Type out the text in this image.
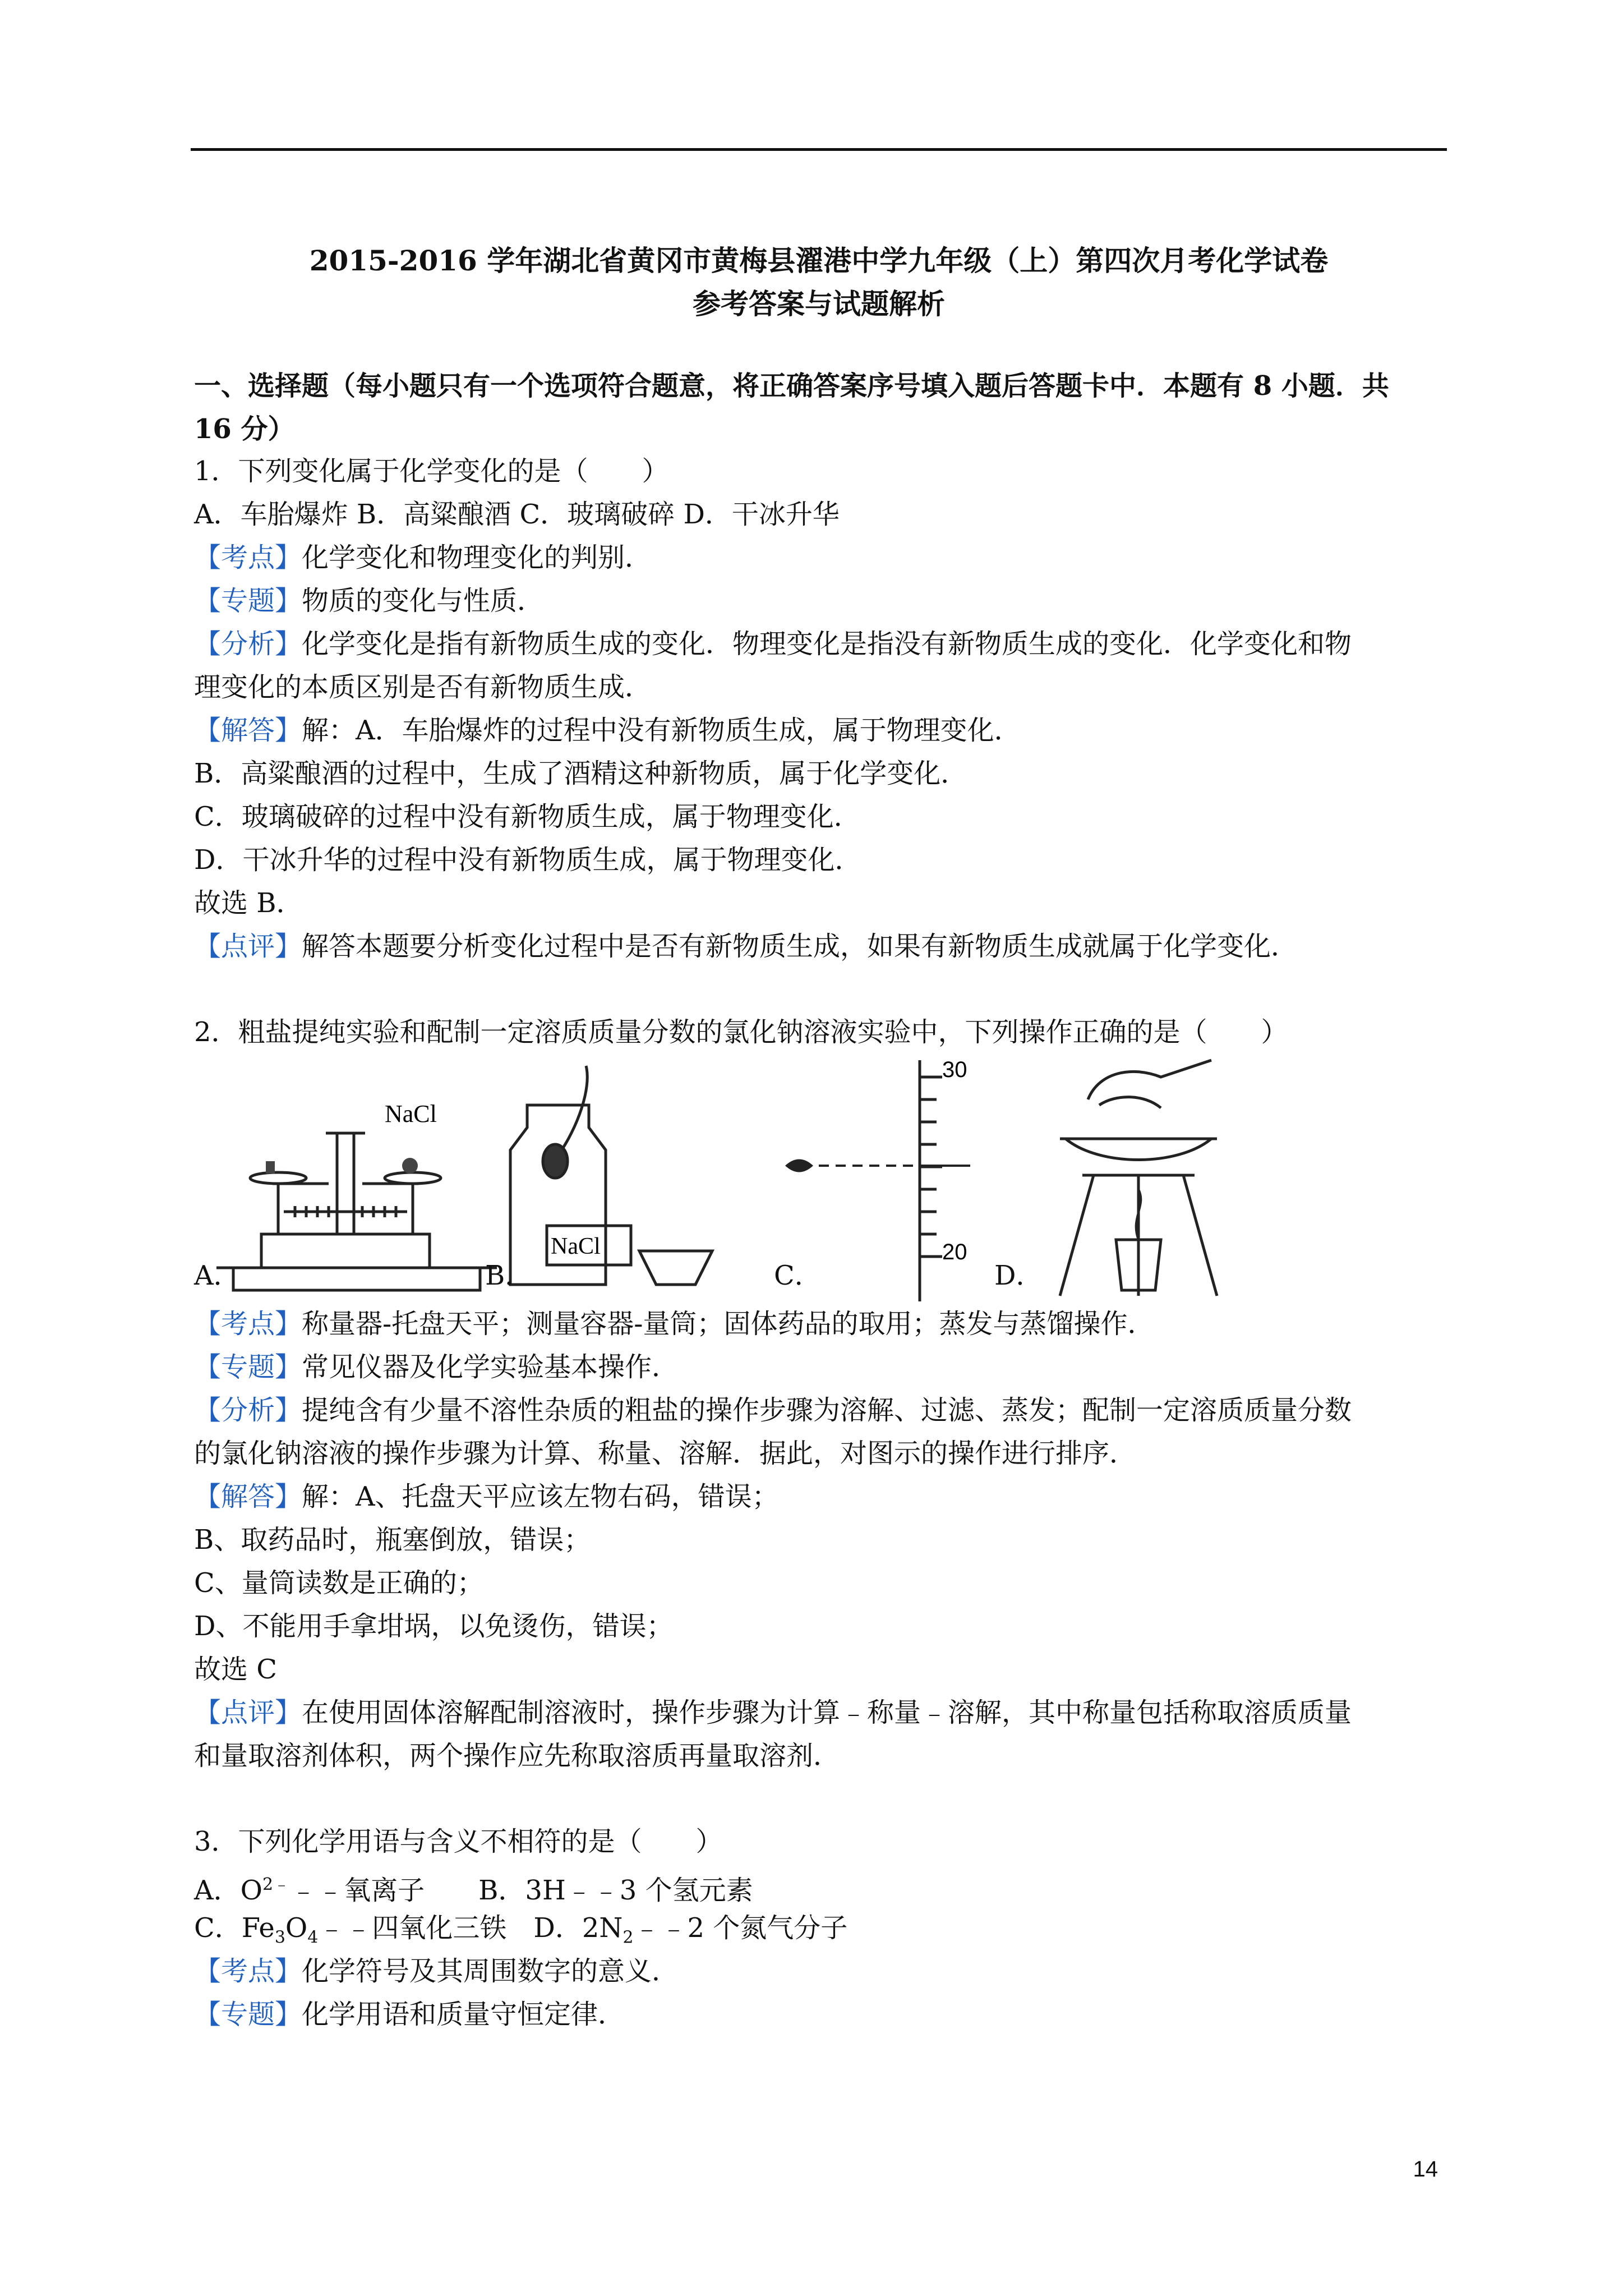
2015-2016 学年湖北省黄冈市黄梅县濯港中学九年级（上）第四次月考化学试卷
参考答案与试题解析
一、选择题（每小题只有一个选项符合题意，将正确答案序号填入题后答题卡中．本题有 8 小题．共
16 分）
1．下列变化属于化学变化的是（　　）
A．车胎爆炸 B．高粱酿酒 C．玻璃破碎 D．干冰升华
【考点】化学变化和物理变化的判别．
【专题】物质的变化与性质．
【分析】化学变化是指有新物质生成的变化．物理变化是指没有新物质生成的变化．化学变化和物
理变化的本质区别是否有新物质生成．
【解答】解：A．车胎爆炸的过程中没有新物质生成，属于物理变化．
B．高粱酿酒的过程中，生成了酒精这种新物质，属于化学变化．
C．玻璃破碎的过程中没有新物质生成，属于物理变化．
D．干冰升华的过程中没有新物质生成，属于物理变化．
故选 B．
【点评】解答本题要分析变化过程中是否有新物质生成，如果有新物质生成就属于化学变化．
2．粗盐提纯实验和配制一定溶质质量分数的氯化钠溶液实验中，下列操作正确的是（　　）
NaCl
A．
NaCl
B．
30
20
C．	D．
【考点】称量器-托盘天平；测量容器-量筒；固体药品的取用；蒸发与蒸馏操作．
【专题】常见仪器及化学实验基本操作．
【分析】提纯含有少量不溶性杂质的粗盐的操作步骤为溶解、过滤、蒸发；配制一定溶质质量分数
的氯化钠溶液的操作步骤为计算、称量、溶解．据此，对图示的操作进行排序．
【解答】解：A、托盘天平应该左物右码，错误；
B、取药品时，瓶塞倒放，错误；
C、量筒读数是正确的；
D、不能用手拿坩埚，以免烫伤，错误；
故选 C
【点评】在使用固体溶解配制溶液时，操作步骤为计算﹣称量﹣溶解，其中称量包括称取溶质质量
和量取溶剂体积，两个操作应先称取溶质再量取溶剂．
3．下列化学用语与含义不相符的是（　　）
A．$O^{2﹣}﹣﹣$氧离子　　B．3H﹣﹣3 个氢元素
C．$Fe_3O_4﹣﹣$四氧化三铁　D．$2N_2﹣﹣2$ 个氮气分子
【考点】化学符号及其周围数字的意义．
【专题】化学用语和质量守恒定律．
14
